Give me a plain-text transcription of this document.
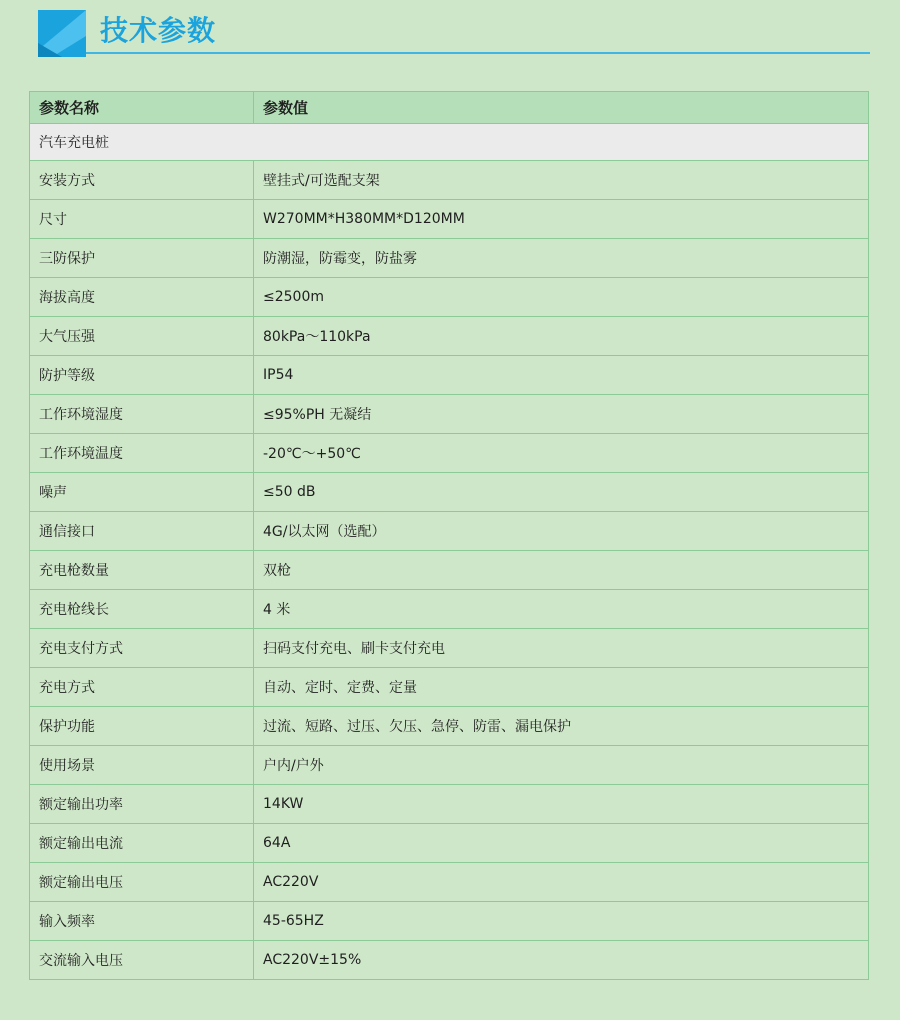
技术参数
参数名称	参数值
汽车充电桩	
安装方式	壁挂式/可选配支架
尺寸	W270MM*H380MM*D120MM
三防保护	防潮湿，防霉变，防盐雾
海拔高度	≤2500m
大气压强	80kPa～110kPa
防护等级	IP54
工作环境湿度	≤95%PH 无凝结
工作环境温度	-20℃～+50℃
噪声	≤50 dB
通信接口	4G/以太网（选配）
充电枪数量	双枪
充电枪线长	4 米
充电支付方式	扫码支付充电、刷卡支付充电
充电方式	自动、定时、定费、定量
保护功能	过流、短路、过压、欠压、急停、防雷、漏电保护
使用场景	户内/户外
额定输出功率	14KW
额定输出电流	64A
额定输出电压	AC220V
输入频率	45-65HZ
交流输入电压	AC220V±15%
